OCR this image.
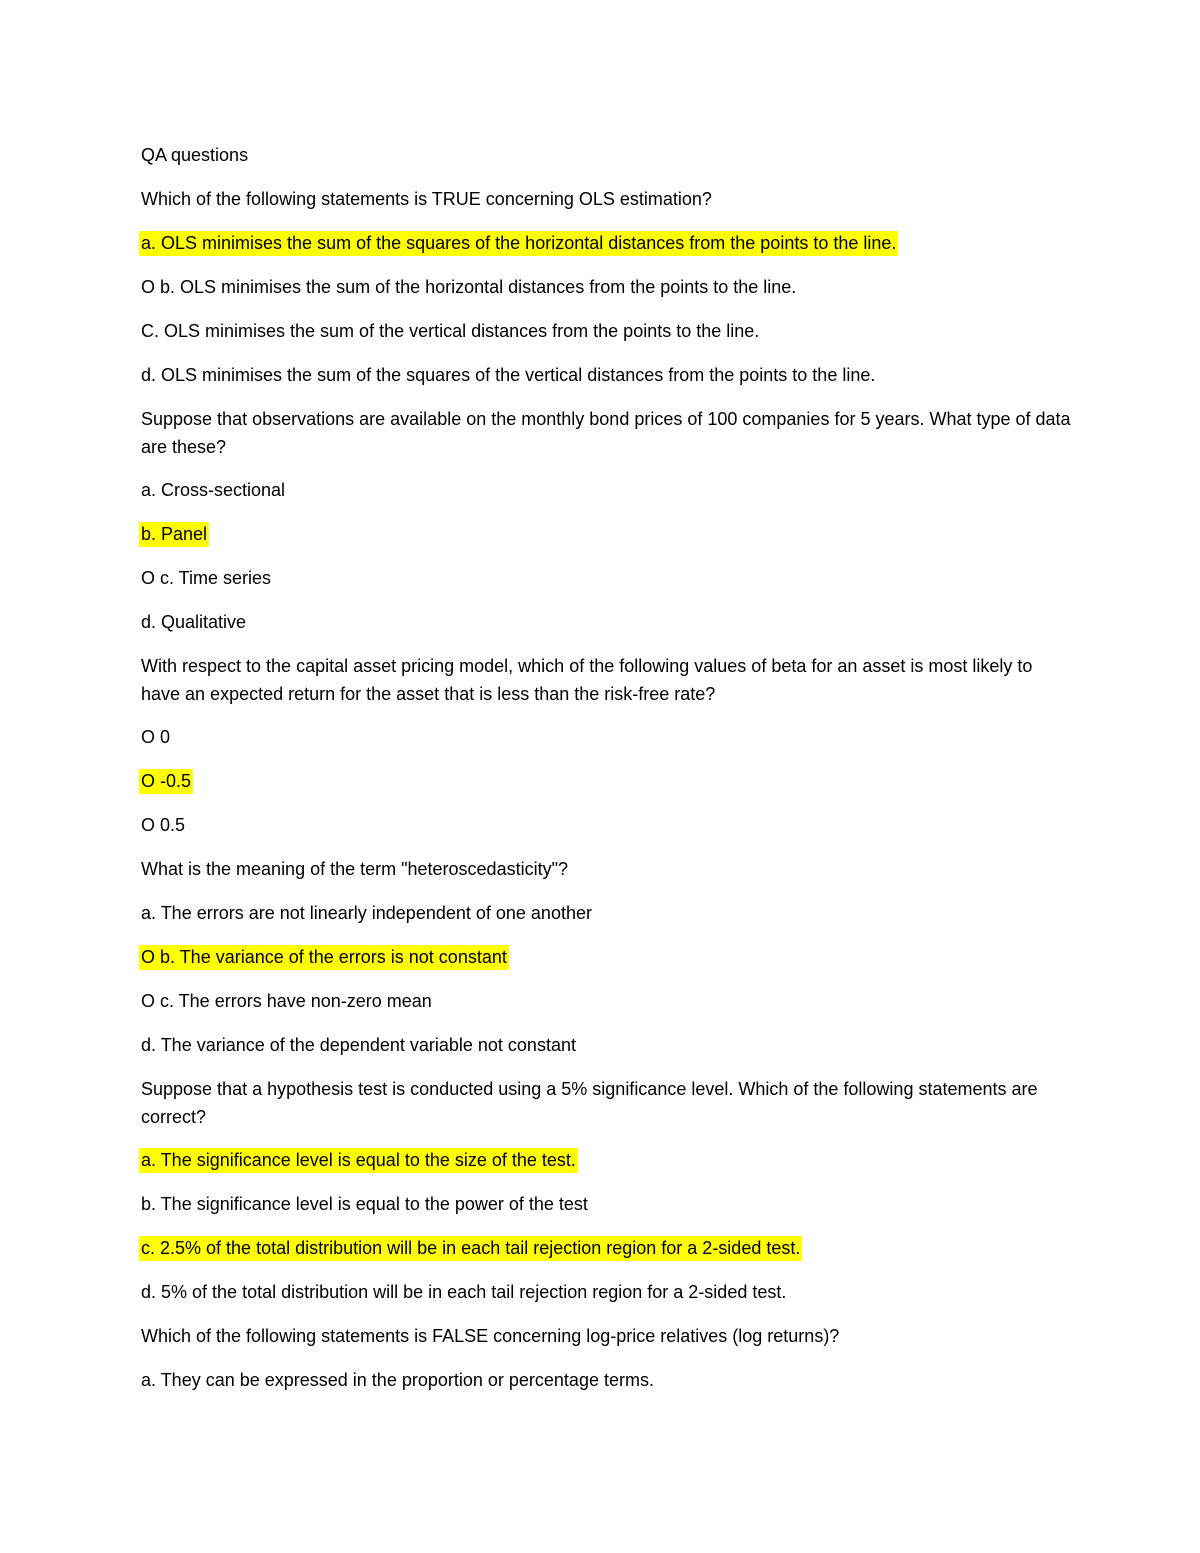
QA questions

Which of the following statements is TRUE concerning OLS estimation?

a. OLS minimises the sum of the squares of the horizontal distances from the points to the line.

O b. OLS minimises the sum of the horizontal distances from the points to the line.

C. OLS minimises the sum of the vertical distances from the points to the line.

d. OLS minimises the sum of the squares of the vertical distances from the points to the line.

Suppose that observations are available on the monthly bond prices of 100 companies for 5 years. What type of data are these?

a. Cross-sectional

b. Panel

O c. Time series

d. Qualitative

With respect to the capital asset pricing model, which of the following values of beta for an asset is most likely to have an expected return for the asset that is less than the risk-free rate?

O 0

O -0.5

O 0.5

What is the meaning of the term "heteroscedasticity"?

a. The errors are not linearly independent of one another

O b. The variance of the errors is not constant

O c. The errors have non-zero mean

d. The variance of the dependent variable not constant

Suppose that a hypothesis test is conducted using a 5% significance level. Which of the following statements are correct?

a. The significance level is equal to the size of the test.

b. The significance level is equal to the power of the test

c. 2.5% of the total distribution will be in each tail rejection region for a 2-sided test.

d. 5% of the total distribution will be in each tail rejection region for a 2-sided test.

Which of the following statements is FALSE concerning log-price relatives (log returns)?

a. They can be expressed in the proportion or percentage terms.
